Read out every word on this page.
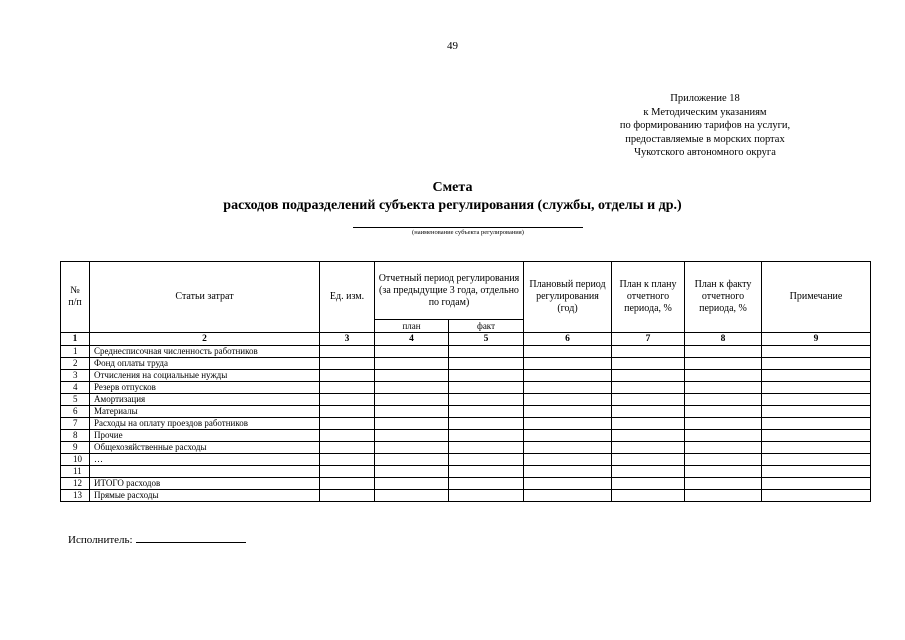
49
Приложение 18
к Методическим указаниям
по формированию тарифов на услуги,
предоставляемые в морских портах
Чукотского автономного округа
Смета
расходов подразделений субъекта регулирования (службы, отделы и др.)
(наименование субъекта регулирования)
№
п/п	Статьи затрат	Ед. изм.	Отчетный период регулирования (за предыдущие 3 года, отдельно по годам)		Плановый период регулирования (год)	План к плану отчетного периода, %	План к факту отчетного периода, %	Примечание
			план	факт				
1	2	3	4	5	6	7	8	9
1	Среднесписочная численность работников							
2	Фонд оплаты труда							
3	Отчисления на социальные нужды							
4	Резерв отпусков							
5	Амортизация							
6	Материалы							
7	Расходы на оплату проездов работников							
8	Прочие							
9	Общехозяйственные расходы							
10	…							
11								
12	ИТОГО расходов							
13	Прямые расходы							
Исполнитель:
